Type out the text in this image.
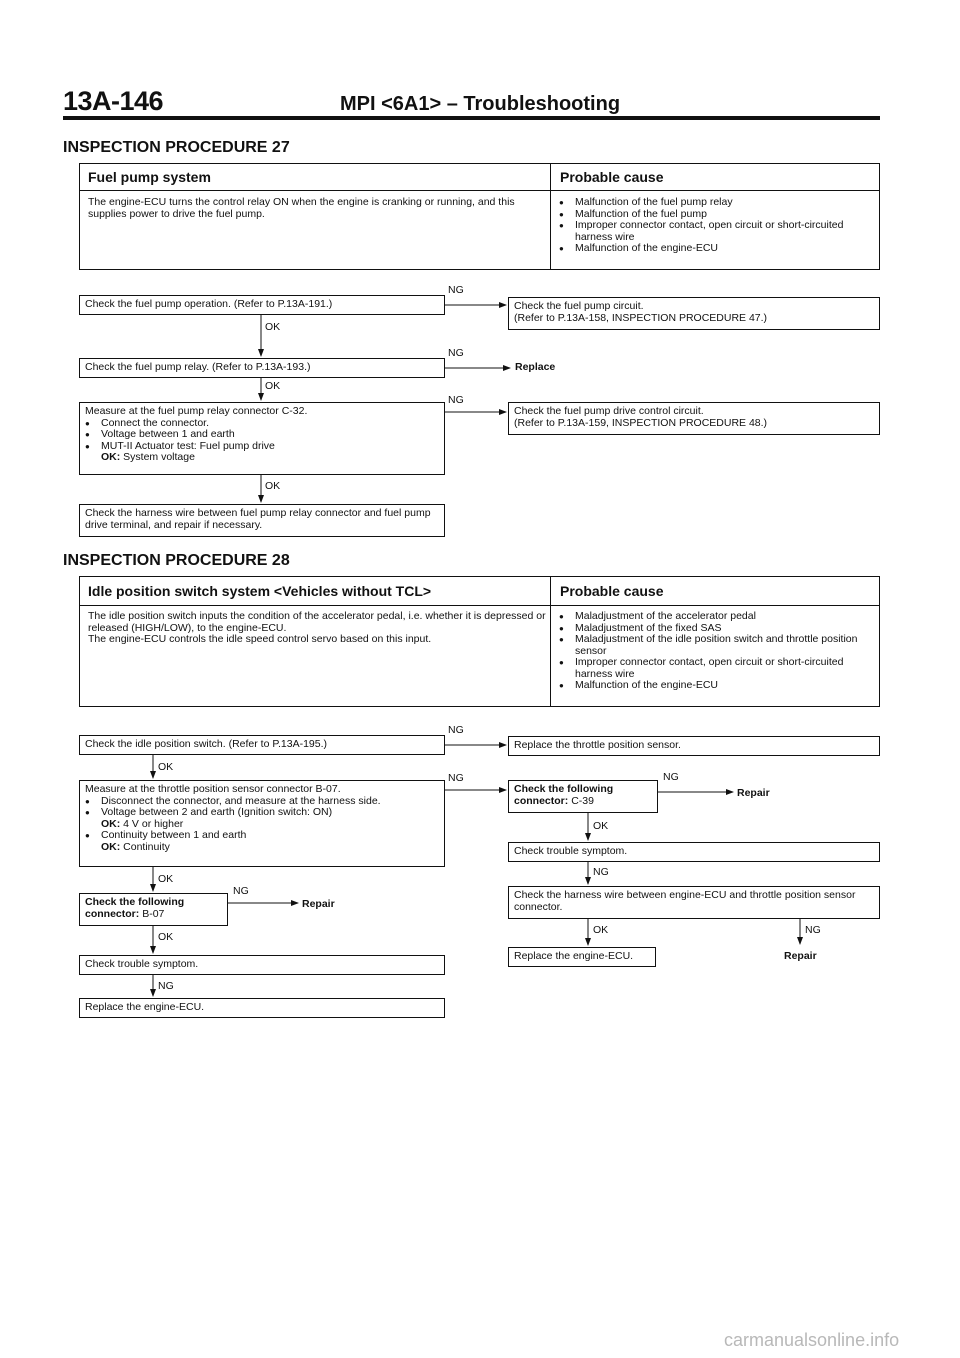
13A-146	MPI <6A1> – Troubleshooting
INSPECTION PROCEDURE 27
Fuel pump system	Probable cause
The engine-ECU turns the control relay ON when the engine is cranking or running, and this supplies power to drive the fuel pump.
● Malfunction of the fuel pump relay
● Malfunction of the fuel pump
● Improper connector contact, open circuit or short-circuited harness wire
● Malfunction of the engine-ECU
Check the fuel pump operation. (Refer to P.13A-191.)	Check the fuel pump circuit.
(Refer to P.13A-158, INSPECTION PROCEDURE 47.)
Check the fuel pump relay. (Refer to P.13A-193.)	Replace
Measure at the fuel pump relay connector C-32.
● Connect the connector.
● Voltage between 1 and earth
● MUT-II Actuator test: Fuel pump drive
OK: System voltage
Check the fuel pump drive control circuit.
(Refer to P.13A-159, INSPECTION PROCEDURE 48.)
Check the harness wire between fuel pump relay connector and fuel pump drive terminal, and repair if necessary.
NG
OK
NG
OK
NG
OK
INSPECTION PROCEDURE 28
Idle position switch system <Vehicles without TCL>	Probable cause
The idle position switch inputs the condition of the accelerator pedal, i.e. whether it is depressed or released (HIGH/LOW), to the engine-ECU.
The engine-ECU controls the idle speed control servo based on this input.
● Maladjustment of the accelerator pedal
● Maladjustment of the fixed SAS
● Maladjustment of the idle position switch and throttle position sensor
● Improper connector contact, open circuit or short-circuited harness wire
● Malfunction of the engine-ECU
Check the idle position switch. (Refer to P.13A-195.)	Replace the throttle position sensor.
Measure at the throttle position sensor connector B-07.
● Disconnect the connector, and measure at the harness side.
● Voltage between 2 and earth (Ignition switch: ON)
OK: 4 V or higher
● Continuity between 1 and earth
OK: Continuity
Check the following
connector: B-07
Repair
Check trouble symptom.
Replace the engine-ECU.
Check the following
connector: C-39
Repair
Check trouble symptom.
Check the harness wire between engine-ECU and throttle position sensor connector.
Replace the engine-ECU.	Repair
NG
OK
NG
OK
NG
OK
NG
NG
OK
NG
OK	NG
carmanualsonline.info
